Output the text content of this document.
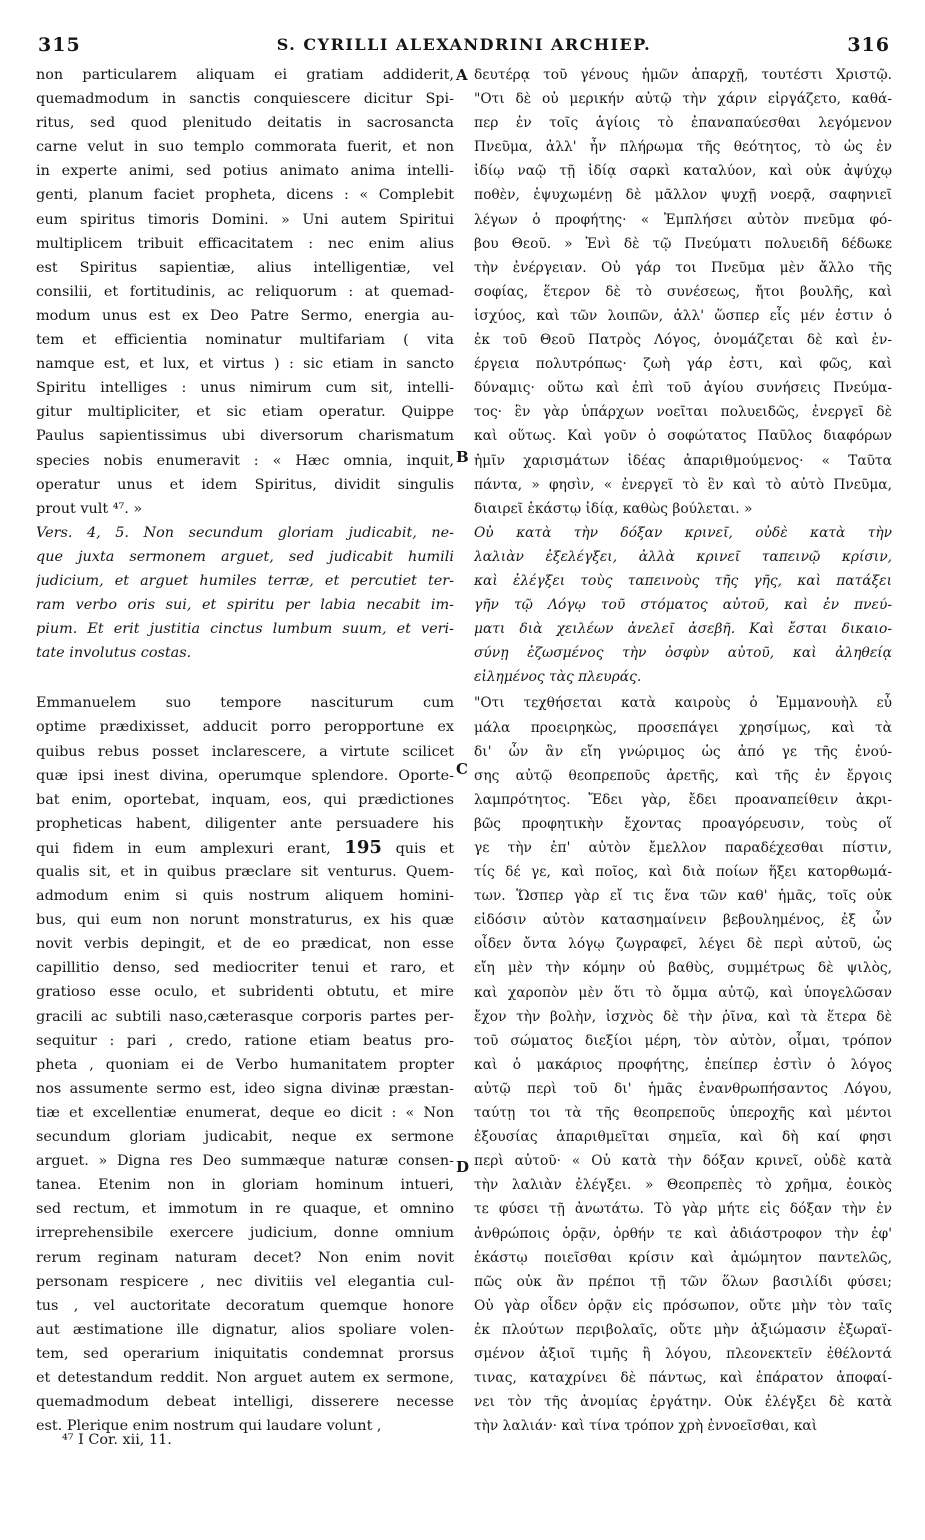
315	S. CYRILLI ALEXANDRINI ARCHIEP.	316
A
B
C
D
non particularem aliquam ei gratiam addiderit,
quemadmodum in sanctis conquiescere dicitur Spi-
ritus, sed quod plenitudo deitatis in sacrosancta
carne velut in suo templo commorata fuerit, et non
in experte animi, sed potius animato anima intelli-
genti, planum faciet propheta, dicens : « Complebit
eum spiritus timoris Domini. » Uni autem Spiritui
multiplicem tribuit efficacitatem : nec enim alius
est Spiritus sapientiæ, alius intelligentiæ, vel
consilii, et fortitudinis, ac reliquorum : at quemad-
modum unus est ex Deo Patre Sermo, energia au-
tem et efficientia nominatur multifariam ( vita
namque est, et lux, et virtus ) : sic etiam in sancto
Spiritu intelliges : unus nimirum cum sit, intelli-
gitur multipliciter, et sic etiam operatur. Quippe
Paulus sapientissimus ubi diversorum charismatum
species nobis enumeravit : « Hæc omnia, inquit,
operatur unus et idem Spiritus, dividit singulis
prout vult ⁴⁷. »
Vers. 4, 5. Non secundum gloriam judicabit, ne-
que juxta sermonem arguet, sed judicabit humili
judicium, et arguet humiles terræ, et percutiet ter-
ram verbo oris sui, et spiritu per labia necabit im-
pium. Et erit justitia cinctus lumbum suum, et veri-
tate involutus costas.
Emmanuelem suo tempore nasciturum cum
optime prædixisset, adducit porro peropportune ex
quibus rebus posset inclarescere, a virtute scilicet
quæ ipsi inest divina, operumque splendore. Oporte-
bat enim, oportebat, inquam, eos, qui prædictiones
propheticas habent, diligenter ante persuadere his
qui fidem in eum amplexuri erant, 195 quis et
qualis sit, et in quibus præclare sit venturus. Quem-
admodum enim si quis nostrum aliquem homini-
bus, qui eum non norunt monstraturus, ex his quæ
novit verbis depingit, et de eo prædicat, non esse
capillitio denso, sed mediocriter tenui et raro, et
gratioso esse oculo, et subridenti obtutu, et mire
gracili ac subtili naso,cæterasque corporis partes per-
sequitur : pari , credo, ratione etiam beatus pro-
pheta , quoniam ei de Verbo humanitatem propter
nos assumente sermo est, ideo signa divinæ præstan-
tiæ et excellentiæ enumerat, deque eo dicit : « Non
secundum gloriam judicabit, neque ex sermone
arguet. » Digna res Deo summæque naturæ consen-
tanea. Etenim non in gloriam hominum intueri,
sed rectum, et immotum in re quaque, et omnino
irreprehensibile exercere judicium, donne omnium
rerum reginam naturam decet? Non enim novit
personam respicere , nec divitiis vel elegantia cul-
tus , vel auctoritate decoratum quemque honore
aut æstimatione ille dignatur, alios spoliare volen-
tem, sed operarium iniquitatis condemnat prorsus
et detestandum reddit. Non arguet autem ex sermone,
quemadmodum debeat intelligi, disserere necesse
est. Plerique enim nostrum qui laudare volunt ,
δευτέρᾳ τοῦ γένους ἡμῶν ἀπαρχῇ, τουτέστι Χριστῷ.
"Οτι δὲ οὐ μερικήν αὐτῷ τὴν χάριν εἰργάζετο, καθά-
περ ἐν τοῖς ἁγίοις τὸ ἐπαναπαύεσθαι λεγόμενον
Πνεῦμα, ἀλλ' ἦν πλήρωμα τῆς θεότητος, τὸ ὡς ἐν
ἰδίῳ ναῷ τῇ ἰδίᾳ σαρκὶ καταλύον, καὶ οὐκ ἀψύχῳ
ποθὲν, ἐψυχωμένῃ δὲ μᾶλλον ψυχῇ νοερᾷ, σαφηνιεῖ
λέγων ὁ προφήτης· « Ἐμπλήσει αὐτὸν πνεῦμα φό-
βου Θεοῦ. » Ἑνὶ δὲ τῷ Πνεύματι πολυειδῆ δέδωκε
τὴν ἐνέργειαν. Οὐ γάρ τοι Πνεῦμα μὲν ἄλλο τῆς
σοφίας, ἕτερον δὲ τὸ συνέσεως, ἤτοι βουλῆς, καὶ
ἰσχύος, καὶ τῶν λοιπῶν, ἀλλ' ὥσπερ εἷς μέν ἐστιν ὁ
ἐκ τοῦ Θεοῦ Πατρὸς Λόγος, ὀνομάζεται δὲ καὶ ἐν-
έργεια πολυτρόπως· ζωὴ γάρ ἐστι, καὶ φῶς, καὶ
δύναμις· οὕτω καὶ ἐπὶ τοῦ ἁγίου συνήσεις Πνεύμα-
τος· ἓν γὰρ ὑπάρχων νοεῖται πολυειδῶς, ἐνεργεῖ δὲ
καὶ οὕτως. Καὶ γοῦν ὁ σοφώτατος Παῦλος διαφόρων
ἡμῖν χαρισμάτων ἰδέας ἀπαριθμούμενος· « Ταῦτα
πάντα, » φησὶν, « ἐνεργεῖ τὸ ἓν καὶ τὸ αὐτὸ Πνεῦμα,
διαιρεῖ ἑκάστῳ ἰδίᾳ, καθὼς βούλεται. »
Οὐ κατὰ τὴν δόξαν κρινεῖ, οὐδὲ κατὰ τὴν
λαλιὰν ἐξελέγξει, ἀλλὰ κρινεῖ ταπεινῷ κρίσιν,
καὶ ἐλέγξει τοὺς ταπεινοὺς τῆς γῆς, καὶ πατάξει
γῆν τῷ Λόγῳ τοῦ στόματος αὐτοῦ, καὶ ἐν πνεύ-
ματι διὰ χειλέων ἀνελεῖ ἀσεβῆ. Καὶ ἔσται δικαιο-
σύνῃ ἐζωσμένος τὴν ὀσφὺν αὐτοῦ, καὶ ἀληθείᾳ
εἰλημένος τὰς πλευράς.
"Οτι τεχθήσεται κατὰ καιροὺς ὁ Ἐμμανουὴλ εὖ
μάλα προειρηκὼς, προσεπάγει χρησίμως, καὶ τὰ
δι' ὧν ἂν εἴη γνώριμος ὡς ἀπό γε τῆς ἐνού-
σης αὐτῷ θεοπρεποῦς ἀρετῆς, καὶ τῆς ἐν ἔργοις
λαμπρότητος. Ἔδει γὰρ, ἔδει προαναπείθειν ἀκρι-
βῶς προφητικὴν ἔχοντας προαγόρευσιν, τοὺς οἵ
γε τὴν ἐπ' αὐτὸν ἔμελλον παραδέχεσθαι πίστιν,
τίς δέ γε, καὶ ποῖος, καὶ διὰ ποίων ἥξει κατορθωμά-
των. Ὥσπερ γὰρ εἴ τις ἕνα τῶν καθ' ἡμᾶς, τοῖς οὐκ
εἰδόσιν αὐτὸν κατασημαίνειν βεβουλημένος, ἐξ ὧν
οἶδεν ὄντα λόγῳ ζωγραφεῖ, λέγει δὲ περὶ αὐτοῦ, ὡς
εἴη μὲν τὴν κόμην οὐ βαθὺς, συμμέτρως δὲ ψιλὸς,
καὶ χαροπὸν μὲν ὅτι τὸ ὄμμα αὐτῷ, καὶ ὑπογελῶσαν
ἔχον τὴν βολὴν, ἰσχνὸς δὲ τὴν ῥῖνα, καὶ τὰ ἕτερα δὲ
τοῦ σώματος διεξίοι μέρη, τὸν αὐτὸν, οἶμαι, τρόπον
καὶ ὁ μακάριος προφήτης, ἐπείπερ ἐστὶν ὁ λόγος
αὐτῷ περὶ τοῦ δι' ἡμᾶς ἐνανθρωπήσαντος Λόγου,
ταύτῃ τοι τὰ τῆς θεοπρεποῦς ὑπεροχῆς καὶ μέντοι
ἐξουσίας ἀπαριθμεῖται σημεῖα, καὶ δὴ καί φησι
περὶ αὐτοῦ· « Οὐ κατὰ τὴν δόξαν κρινεῖ, οὐδὲ κατὰ
τὴν λαλιὰν ἐλέγξει. » Θεοπρεπὲς τὸ χρῆμα, ἐοικὸς
τε φύσει τῇ ἀνωτάτω. Τὸ γὰρ μήτε εἰς δόξαν τὴν ἐν
ἀνθρώποις ὁρᾷν, ὀρθήν τε καὶ ἀδιάστροφον τὴν ἐφ'
ἑκάστῳ ποιεῖσθαι κρίσιν καὶ ἀμώμητον παντελῶς,
πῶς οὐκ ἂν πρέποι τῇ τῶν ὅλων βασιλίδι φύσει;
Οὐ γὰρ οἶδεν ὁρᾷν εἰς πρόσωπον, οὔτε μὴν τὸν ταῖς
ἐκ πλούτων περιβολαῖς, οὔτε μὴν ἀξιώμασιν ἐξωραϊ-
σμένον ἀξιοῖ τιμῆς ἢ λόγου, πλεονεκτεῖν ἐθέλοντά
τινας, καταχρίνει δὲ πάντως, καὶ ἐπάρατον ἀποφαί-
νει τὸν τῆς ἀνομίας ἐργάτην. Οὐκ ἐλέγξει δὲ κατὰ
τὴν λαλιάν· καὶ τίνα τρόπον χρὴ ἐννοεῖσθαι, καὶ
⁴⁷ I Cor. xii, 11.
